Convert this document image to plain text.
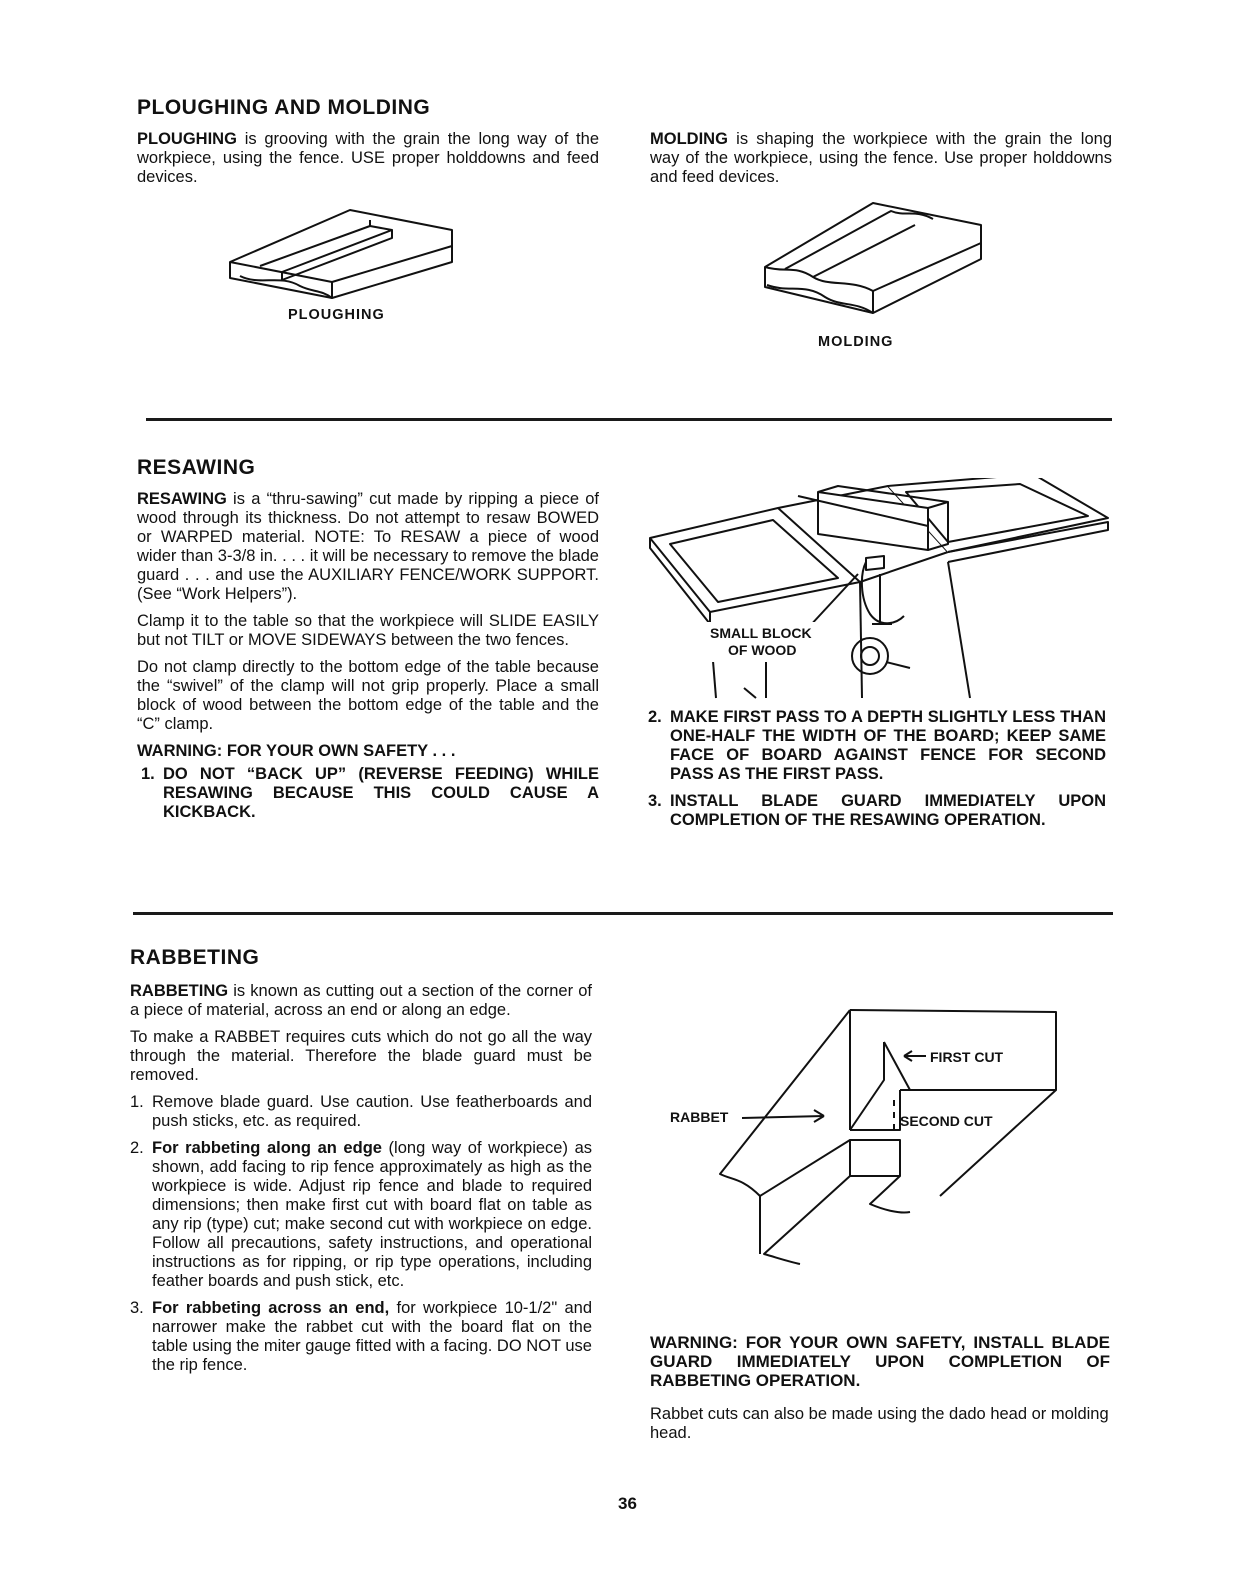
PLOUGHING AND MOLDING
PLOUGHING is grooving with the grain the long way of the workpiece, using the fence. USE proper holddowns and feed devices.
MOLDING is shaping the workpiece with the grain the long way of the workpiece, using the fence. Use proper holddowns and feed devices.
PLOUGHING
MOLDING
RESAWING

RESAWING is a “thru-sawing” cut made by ripping a piece of wood through its thickness. Do not attempt to resaw BOWED or WARPED material. NOTE: To RESAW a piece of wood wider than 3-3/8 in. . . . it will be necessary to remove the blade guard . . . and use the AUXILIARY FENCE/WORK SUPPORT. (See “Work Helpers”).

Clamp it to the table so that the workpiece will SLIDE EASILY but not TILT or MOVE SIDEWAYS between the two fences.

Do not clamp directly to the bottom edge of the table because the “swivel” of the clamp will not grip properly. Place a small block of wood between the bottom edge of the table and the “C” clamp.

WARNING: FOR YOUR OWN SAFETY . . .

1. DO NOT “BACK UP” (REVERSE FEEDING) WHILE RESAWING BECAUSE THIS COULD CAUSE A KICKBACK.
SMALL BLOCK
OF WOOD
2. MAKE FIRST PASS TO A DEPTH SLIGHTLY LESS THAN ONE-HALF THE WIDTH OF THE BOARD; KEEP SAME FACE OF BOARD AGAINST FENCE FOR SECOND PASS AS THE FIRST PASS.
3. INSTALL BLADE GUARD IMMEDIATELY UPON COMPLETION OF THE RESAWING OPERATION.
RABBETING

RABBETING is known as cutting out a section of the corner of a piece of material, across an end or along an edge.

To make a RABBET requires cuts which do not go all the way through the material. Therefore the blade guard must be removed.

1. Remove blade guard. Use caution. Use featherboards and push sticks, etc. as required.
2. For rabbeting along an edge (long way of workpiece) as shown, add facing to rip fence approximately as high as the workpiece is wide. Adjust rip fence and blade to required dimensions; then make first cut with board flat on table as any rip (type) cut; make second cut with workpiece on edge. Follow all precautions, safety instructions, and operational instructions as for ripping, or rip type operations, including feather boards and push stick, etc.
3. For rabbeting across an end, for workpiece 10-1/2" and narrower make the rabbet cut with the board flat on the table using the miter gauge fitted with a facing. DO NOT use the rip fence.
FIRST CUT
SECOND CUT
RABBET
WARNING: FOR YOUR OWN SAFETY, INSTALL BLADE GUARD IMMEDIATELY UPON COMPLETION OF RABBETING OPERATION.
Rabbet cuts can also be made using the dado head or molding head.
36
